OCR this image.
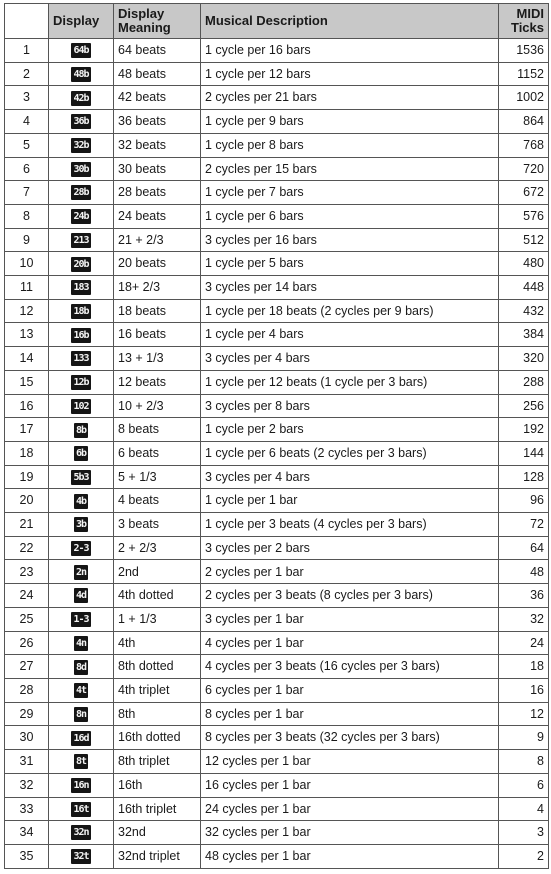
	Display	Display Meaning	Musical Description	MIDI Ticks
1	64b	64 beats	1 cycle per 16 bars	1536
2	48b	48 beats	1 cycle per 12 bars	1152
3	42b	42 beats	2 cycles per 21 bars	1002
4	36b	36 beats	1 cycle per 9 bars	864
5	32b	32 beats	1 cycle per 8 bars	768
6	30b	30 beats	2 cycles per 15 bars	720
7	28b	28 beats	1 cycle per 7 bars	672
8	24b	24 beats	1 cycle per 6 bars	576
9	213	21 + 2/3	3 cycles per 16 bars	512
10	20b	20 beats	1 cycle per 5 bars	480
11	183	18+ 2/3	3 cycles per 14 bars	448
12	18b	18 beats	1 cycle per 18 beats (2 cycles per 9 bars)	432
13	16b	16 beats	1 cycle per 4 bars	384
14	133	13 + 1/3	3 cycles per 4 bars	320
15	12b	12 beats	1 cycle per 12 beats (1 cycle per 3 bars)	288
16	102	10 + 2/3	3 cycles per 8 bars	256
17	8b	8 beats	1 cycle per 2 bars	192
18	6b	6 beats	1 cycle per 6 beats (2 cycles per 3 bars)	144
19	5b3	5 + 1/3	3 cycles per 4 bars	128
20	4b	4 beats	1 cycle per 1 bar	96
21	3b	3 beats	1 cycle per 3 beats (4 cycles per 3 bars)	72
22	2-3	2 + 2/3	3 cycles per 2 bars	64
23	2n	2nd	2 cycles per 1 bar	48
24	4d	4th dotted	2 cycles per 3 beats (8 cycles per 3 bars)	36
25	1-3	1 + 1/3	3 cycles per 1 bar	32
26	4n	4th	4 cycles per 1 bar	24
27	8d	8th dotted	4 cycles per 3 beats (16 cycles per 3 bars)	18
28	4t	4th triplet	6 cycles per 1 bar	16
29	8n	8th	8 cycles per 1 bar	12
30	16d	16th dotted	8 cycles per 3 beats (32 cycles per 3 bars)	9
31	8t	8th triplet	12 cycles per 1 bar	8
32	16n	16th	16 cycles per 1 bar	6
33	16t	16th triplet	24 cycles per 1 bar	4
34	32n	32nd	32 cycles per 1 bar	3
35	32t	32nd triplet	48 cycles per 1 bar	2
